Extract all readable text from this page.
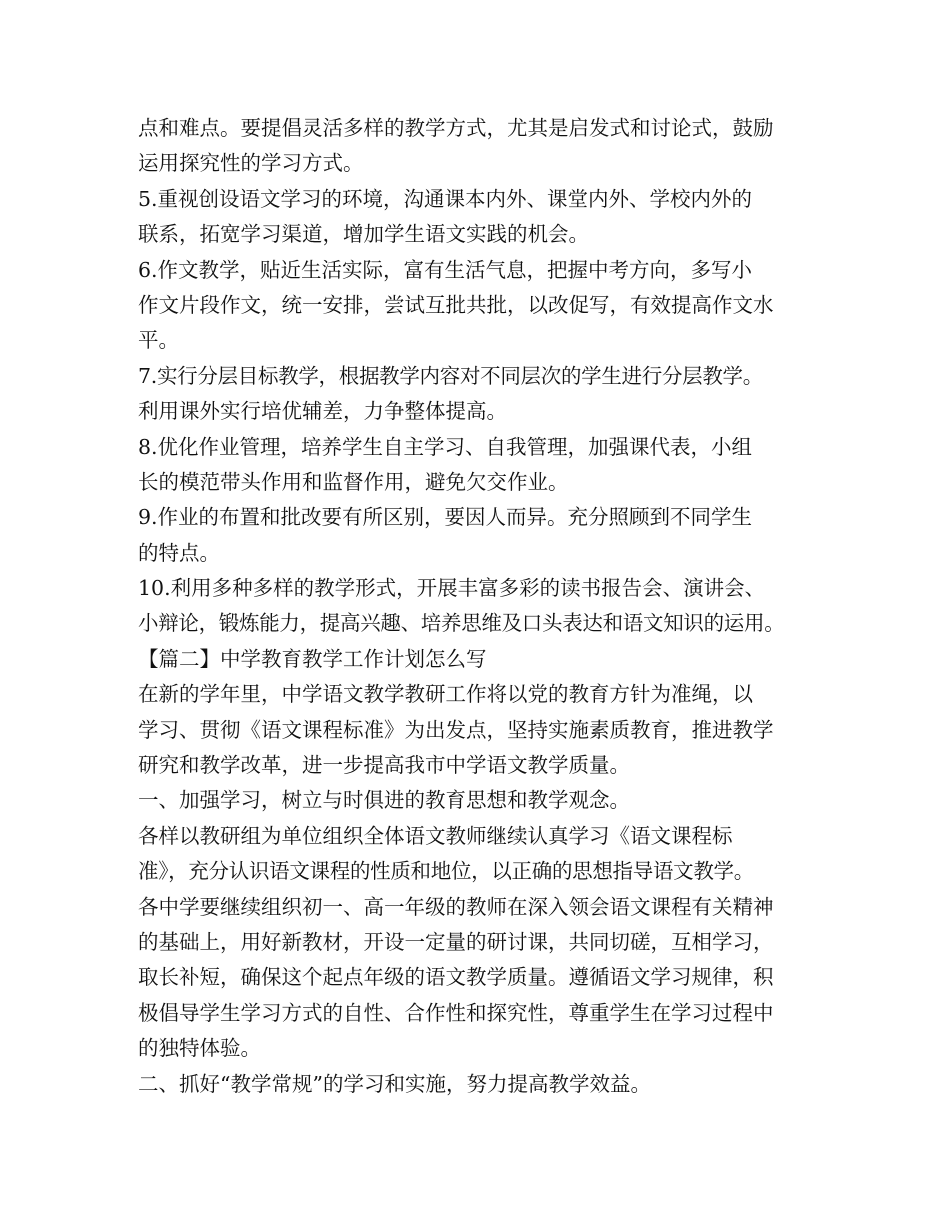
点和难点。要提倡灵活多样的教学方式，尤其是启发式和讨论式，鼓励
运用探究性的学习方式。
5.重视创设语文学习的环境，沟通课本内外、课堂内外、学校内外的
联系，拓宽学习渠道，增加学生语文实践的机会。
6.作文教学，贴近生活实际，富有生活气息，把握中考方向，多写小
作文片段作文，统一安排，尝试互批共批，以改促写，有效提高作文水
平。
7.实行分层目标教学，根据教学内容对不同层次的学生进行分层教学。
利用课外实行培优辅差，力争整体提高。
8.优化作业管理，培养学生自主学习、自我管理，加强课代表，小组
长的模范带头作用和监督作用，避免欠交作业。
9.作业的布置和批改要有所区别，要因人而异。充分照顾到不同学生
的特点。
10.利用多种多样的教学形式，开展丰富多彩的读书报告会、演讲会、
小辩论，锻炼能力，提高兴趣、培养思维及口头表达和语文知识的运用。
【篇二】中学教育教学工作计划怎么写
在新的学年里，中学语文教学教研工作将以党的教育方针为准绳，以
学习、贯彻《语文课程标准》为出发点，坚持实施素质教育，推进教学
研究和教学改革，进一步提高我市中学语文教学质量。
一、加强学习，树立与时俱进的教育思想和教学观念。
各样以教研组为单位组织全体语文教师继续认真学习《语文课程标
准》，充分认识语文课程的性质和地位，以正确的思想指导语文教学。
各中学要继续组织初一、高一年级的教师在深入领会语文课程有关精神
的基础上，用好新教材，开设一定量的研讨课，共同切磋，互相学习，
取长补短，确保这个起点年级的语文教学质量。遵循语文学习规律，积
极倡导学生学习方式的自性、合作性和探究性，尊重学生在学习过程中
的独特体验。
二、抓好“教学常规”的学习和实施，努力提高教学效益。
